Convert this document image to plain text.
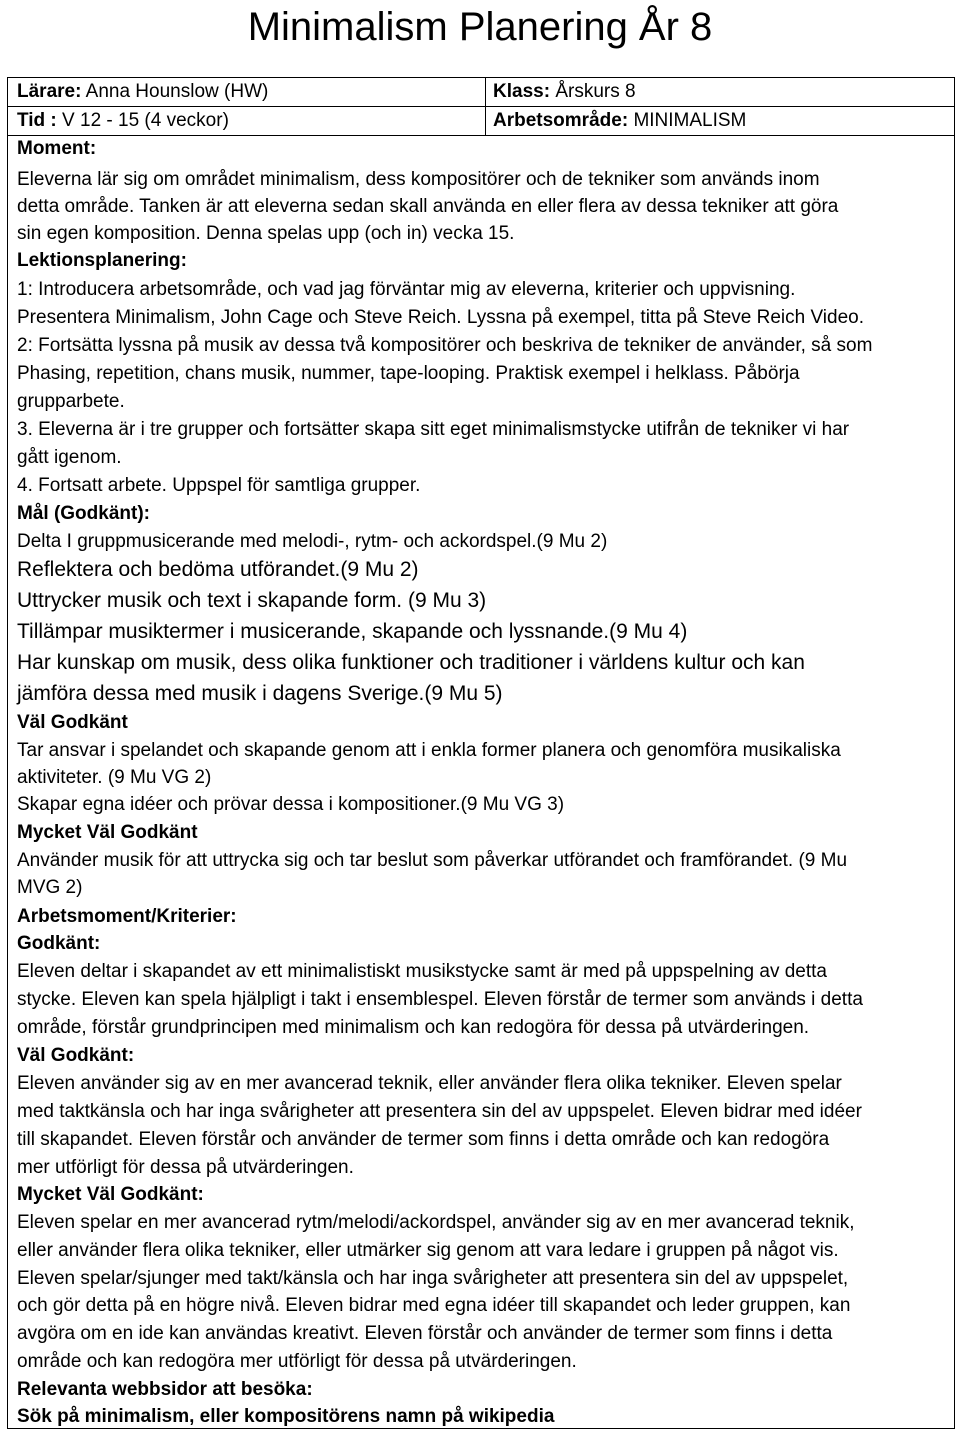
Minimalism Planering År 8
Lärare: Anna Hounslow (HW)	Klass: Årskurs 8
Tid : V 12 - 15 (4 veckor)	Arbetsområde: MINIMALISM
Moment:
Eleverna lär sig om området minimalism, dess kompositörer och de tekniker som används inom
detta område. Tanken är att eleverna sedan skall använda en eller flera av dessa tekniker att göra
sin egen komposition. Denna spelas upp (och in) vecka 15.
Lektionsplanering:
1: Introducera arbetsområde, och vad jag förväntar mig av eleverna, kriterier och uppvisning.
Presentera Minimalism, John Cage och Steve Reich. Lyssna på exempel, titta på Steve Reich Video.
2: Fortsätta lyssna på musik av dessa två kompositörer och beskriva de tekniker de använder, så som
Phasing, repetition, chans musik, nummer, tape-looping. Praktisk exempel i helklass. Påbörja
grupparbete.
3. Eleverna är i tre grupper och fortsätter skapa sitt eget minimalismstycke utifrån de tekniker vi har
gått igenom.
4. Fortsatt arbete. Uppspel för samtliga grupper.
Mål (Godkänt):
Delta I gruppmusicerande med melodi-, rytm- och ackordspel.(9 Mu 2)
Reflektera och bedöma utförandet.(9 Mu 2)
Uttrycker musik och text i skapande form. (9 Mu 3)
Tillämpar musiktermer i musicerande, skapande och lyssnande.(9 Mu 4)
Har kunskap om musik, dess olika funktioner och traditioner i världens kultur och kan
jämföra dessa med musik i dagens Sverige.(9 Mu 5)
Väl Godkänt
Tar ansvar i spelandet och skapande genom att i enkla former planera och genomföra musikaliska
aktiviteter. (9 Mu VG 2)
Skapar egna idéer och prövar dessa i kompositioner.(9 Mu VG 3)
Mycket Väl Godkänt
Använder musik för att uttrycka sig och tar beslut som påverkar utförandet och framförandet. (9 Mu
MVG 2)
Arbetsmoment/Kriterier:
Godkänt:
Eleven deltar i skapandet av ett minimalistiskt musikstycke samt är med på uppspelning av detta
stycke. Eleven kan spela hjälpligt i takt i ensemblespel. Eleven förstår de termer som används i detta
område, förstår grundprincipen med minimalism och kan redogöra för dessa på utvärderingen.
Väl Godkänt:
Eleven använder sig av en mer avancerad teknik, eller använder flera olika tekniker. Eleven spelar
med taktkänsla och har inga svårigheter att presentera sin del av uppspelet. Eleven bidrar med idéer
till skapandet. Eleven förstår och använder de termer som finns i detta område och kan redogöra
mer utförligt för dessa på utvärderingen.
Mycket Väl Godkänt:
Eleven spelar en mer avancerad rytm/melodi/ackordspel, använder sig av en mer avancerad teknik,
eller använder flera olika tekniker, eller utmärker sig genom att vara ledare i gruppen på något vis.
Eleven spelar/sjunger med takt/känsla och har inga svårigheter att presentera sin del av uppspelet,
och gör detta på en högre nivå. Eleven bidrar med egna idéer till skapandet och leder gruppen, kan
avgöra om en ide kan användas kreativt. Eleven förstår och använder de termer som finns i detta
område och kan redogöra mer utförligt för dessa på utvärderingen.
Relevanta webbsidor att besöka:
Sök på minimalism, eller kompositörens namn på wikipedia
